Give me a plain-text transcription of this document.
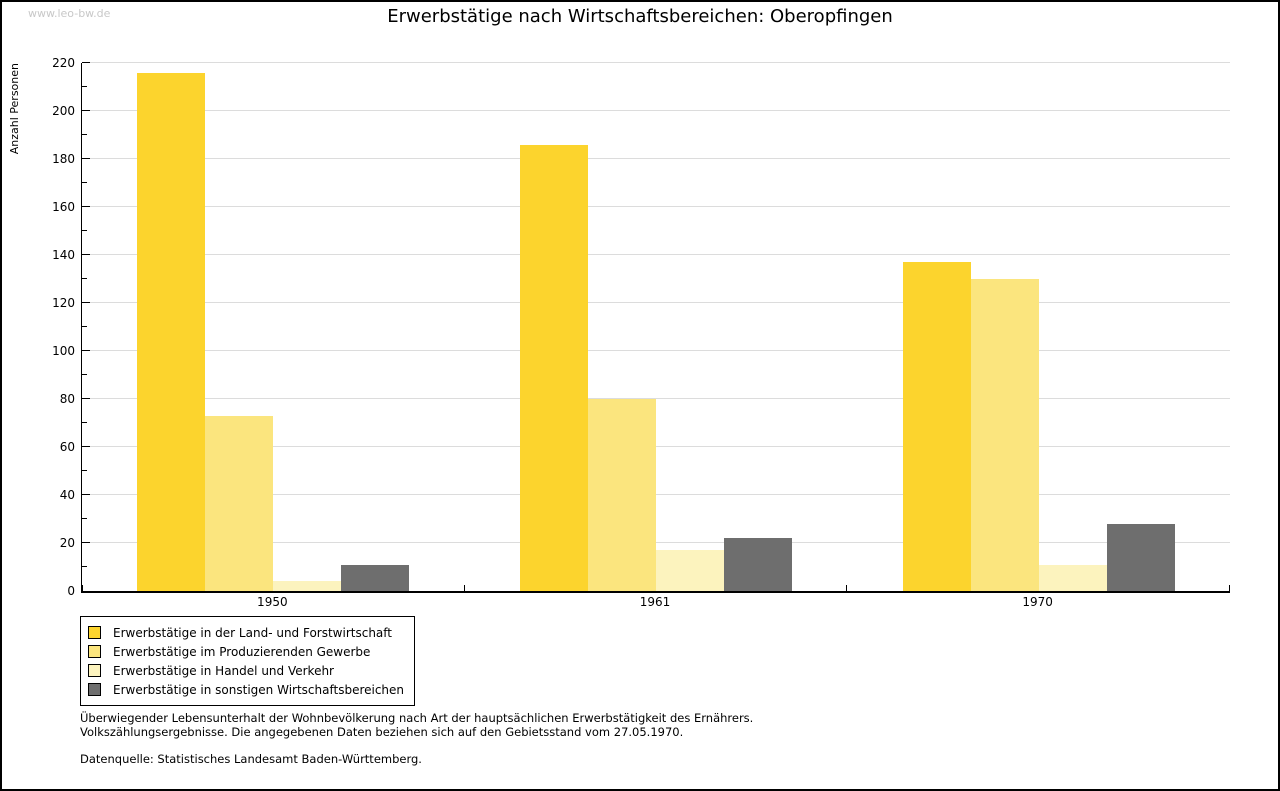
www.leo-bw.de	Erwerbstätige nach Wirtschaftsbereichen: Oberopfingen
Anzahl Personen
0
20
40
60
80
100
120
140
160
180
200
220
1950	1961	1970
Erwerbstätige in der Land- und Forstwirtschaft
Erwerbstätige im Produzierenden Gewerbe
Erwerbstätige in Handel und Verkehr
Erwerbstätige in sonstigen Wirtschaftsbereichen
Überwiegender Lebensunterhalt der Wohnbevölkerung nach Art der hauptsächlichen Erwerbstätigkeit des Ernährers.
Volkszählungsergebnisse. Die angegebenen Daten beziehen sich auf den Gebietsstand vom 27.05.1970.
Datenquelle: Statistisches Landesamt Baden-Württemberg.
